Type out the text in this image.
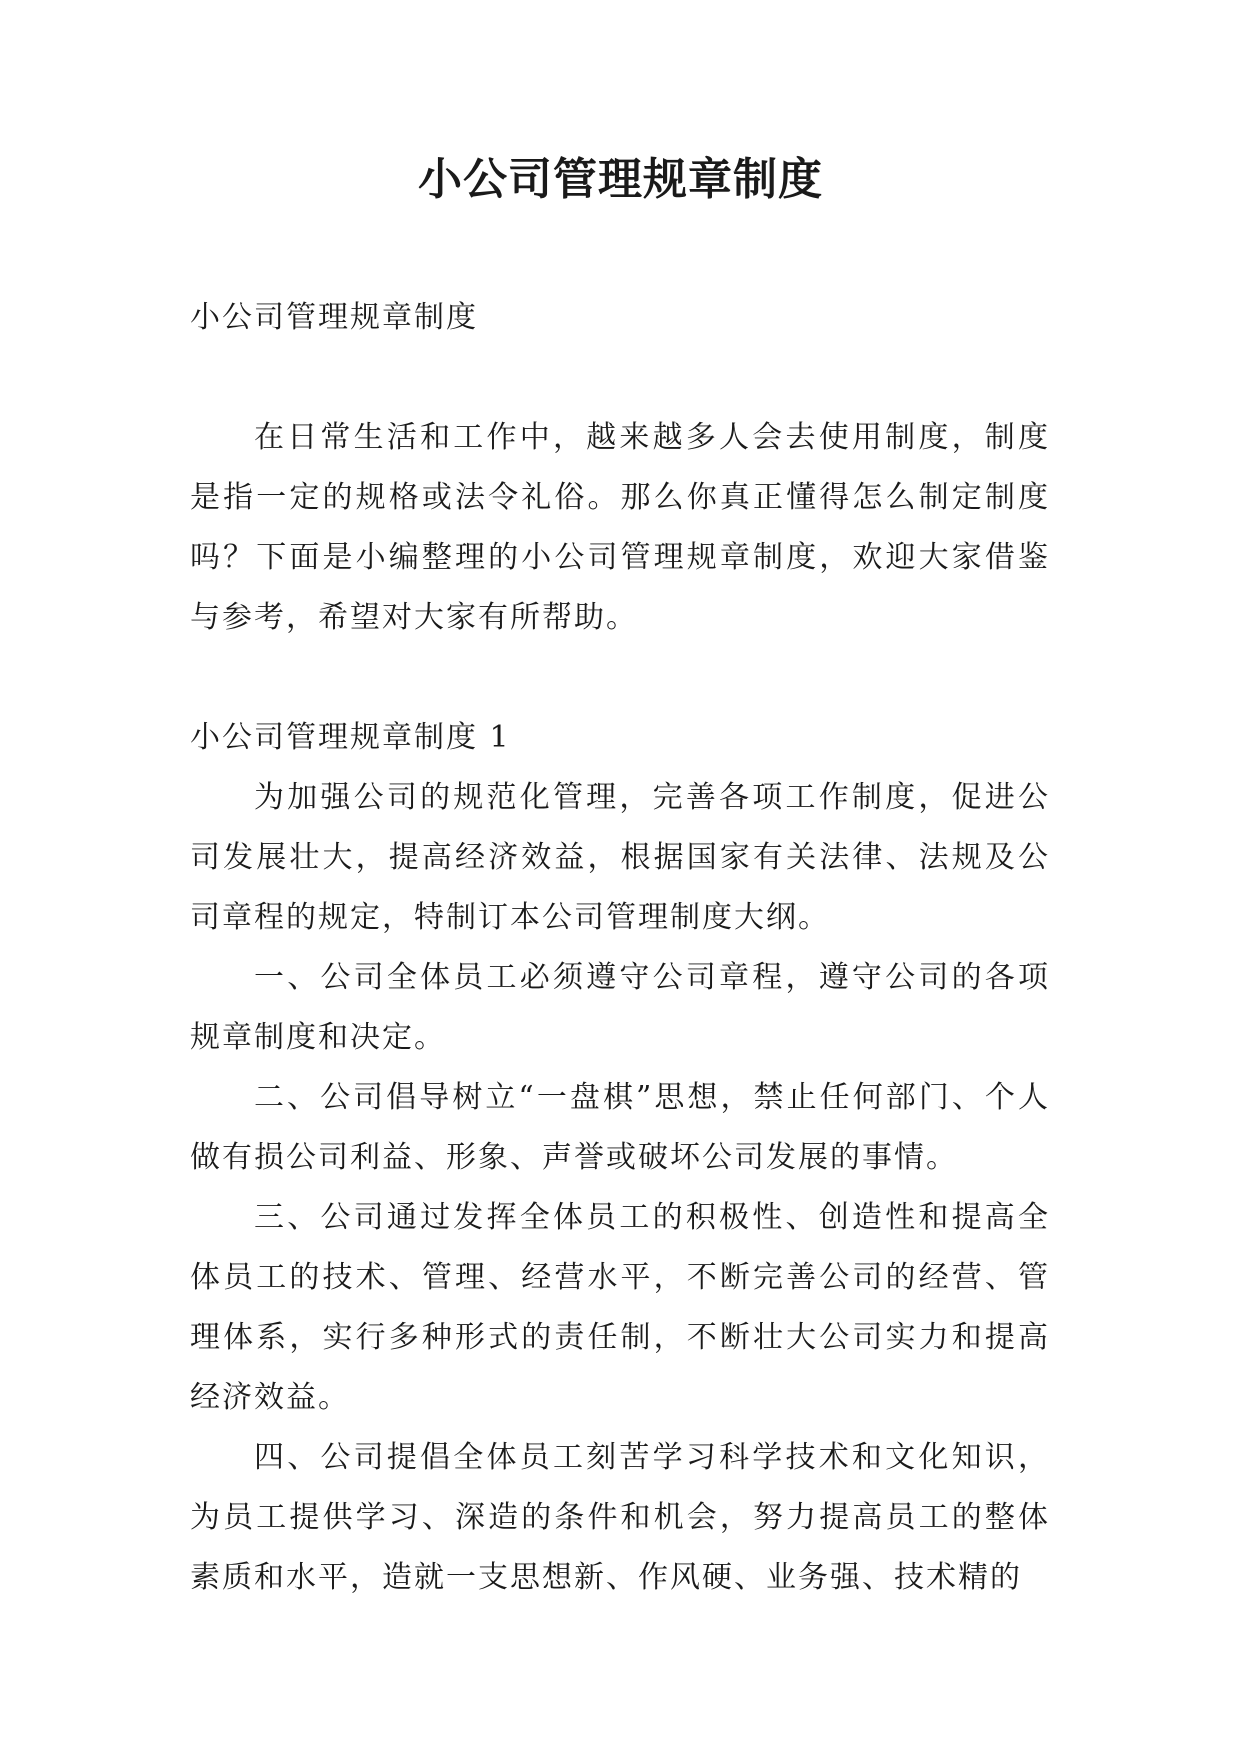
小公司管理规章制度

小公司管理规章制度

在日常生活和工作中，越来越多人会去使用制度，制度是指一定的规格或法令礼俗。那么你真正懂得怎么制定制度吗？下面是小编整理的小公司管理规章制度，欢迎大家借鉴与参考，希望对大家有所帮助。

小公司管理规章制度 1

为加强公司的规范化管理，完善各项工作制度，促进公司发展壮大，提高经济效益，根据国家有关法律、法规及公司章程的规定，特制订本公司管理制度大纲。

一、公司全体员工必须遵守公司章程，遵守公司的各项规章制度和决定。

二、公司倡导树立“一盘棋”思想，禁止任何部门、个人做有损公司利益、形象、声誉或破坏公司发展的事情。

三、公司通过发挥全体员工的积极性、创造性和提高全体员工的技术、管理、经营水平，不断完善公司的经营、管理体系，实行多种形式的责任制，不断壮大公司实力和提高经济效益。

四、公司提倡全体员工刻苦学习科学技术和文化知识，为员工提供学习、深造的条件和机会，努力提高员工的整体素质和水平，造就一支思想新、作风硬、业务强、技术精的
